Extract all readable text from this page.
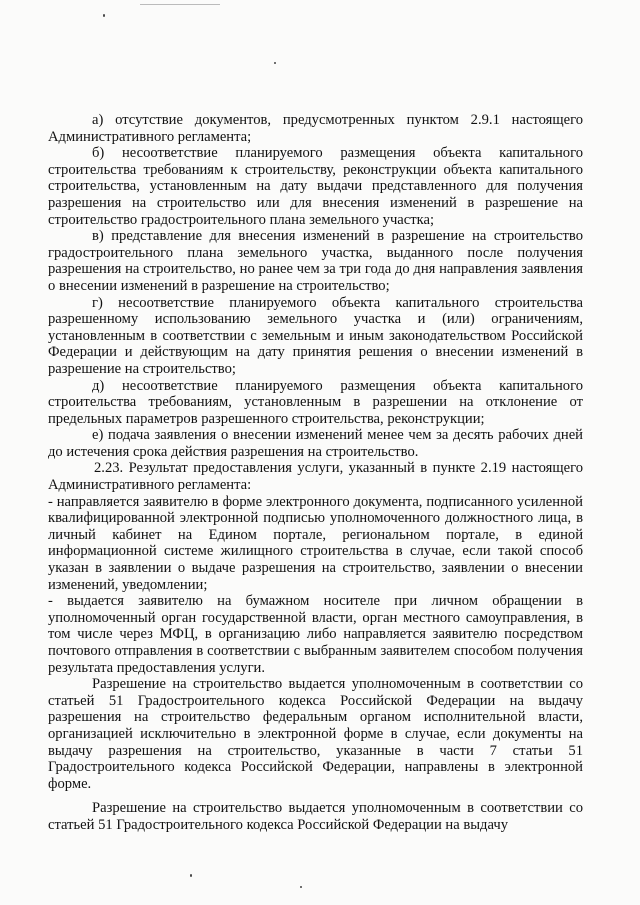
а) отсутствие документов, предусмотренных пунктом 2.9.1 настоящего Административного регламента;

б) несоответствие планируемого размещения объекта капитального строительства требованиям к строительству, реконструкции объекта капитального строительства, установленным на дату выдачи представленного для получения разрешения на строительство или для внесения изменений в разрешение на строительство градостроительного плана земельного участка;

в) представление для внесения изменений в разрешение на строительство градостроительного плана земельного участка, выданного после получения разрешения на строительство, но ранее чем за три года до дня направления заявления о внесении изменений в разрешение на строительство;

г) несоответствие планируемого объекта капитального строительства разрешенному использованию земельного участка и (или) ограничениям, установленным в соответствии с земельным и иным законодательством Российской Федерации и действующим на дату принятия решения о внесении изменений в разрешение на строительство;

д) несоответствие планируемого размещения объекта капитального строительства требованиям, установленным в разрешении на отклонение от предельных параметров разрешенного строительства, реконструкции;

е) подача заявления о внесении изменений менее чем за десять рабочих дней до истечения срока действия разрешения на строительство.

2.23. Результат предоставления услуги, указанный в пункте 2.19 настоящего Административного регламента:

- направляется заявителю в форме электронного документа, подписанного усиленной квалифицированной электронной подписью уполномоченного должностного лица, в личный кабинет на Едином портале, региональном портале, в единой информационной системе жилищного строительства в случае, если такой способ указан в заявлении о выдаче разрешения на строительство, заявлении о внесении изменений, уведомлении;

- выдается заявителю на бумажном носителе при личном обращении в уполномоченный орган государственной власти, орган местного самоуправления, в том числе через МФЦ, в организацию либо направляется заявителю посредством почтового отправления в соответствии с выбранным заявителем способом получения результата предоставления услуги.

Разрешение на строительство выдается уполномоченным в соответствии со статьей 51 Градостроительного кодекса Российской Федерации на выдачу разрешения на строительство федеральным органом исполнительной власти, организацией исключительно в электронной форме в случае, если документы на выдачу разрешения на строительство, указанные в части 7 статьи 51 Градостроительного кодекса Российской Федерации, направлены в электронной форме.

Разрешение на строительство выдается уполномоченным в соответствии со статьей 51 Градостроительного кодекса Российской Федерации на выдачу
